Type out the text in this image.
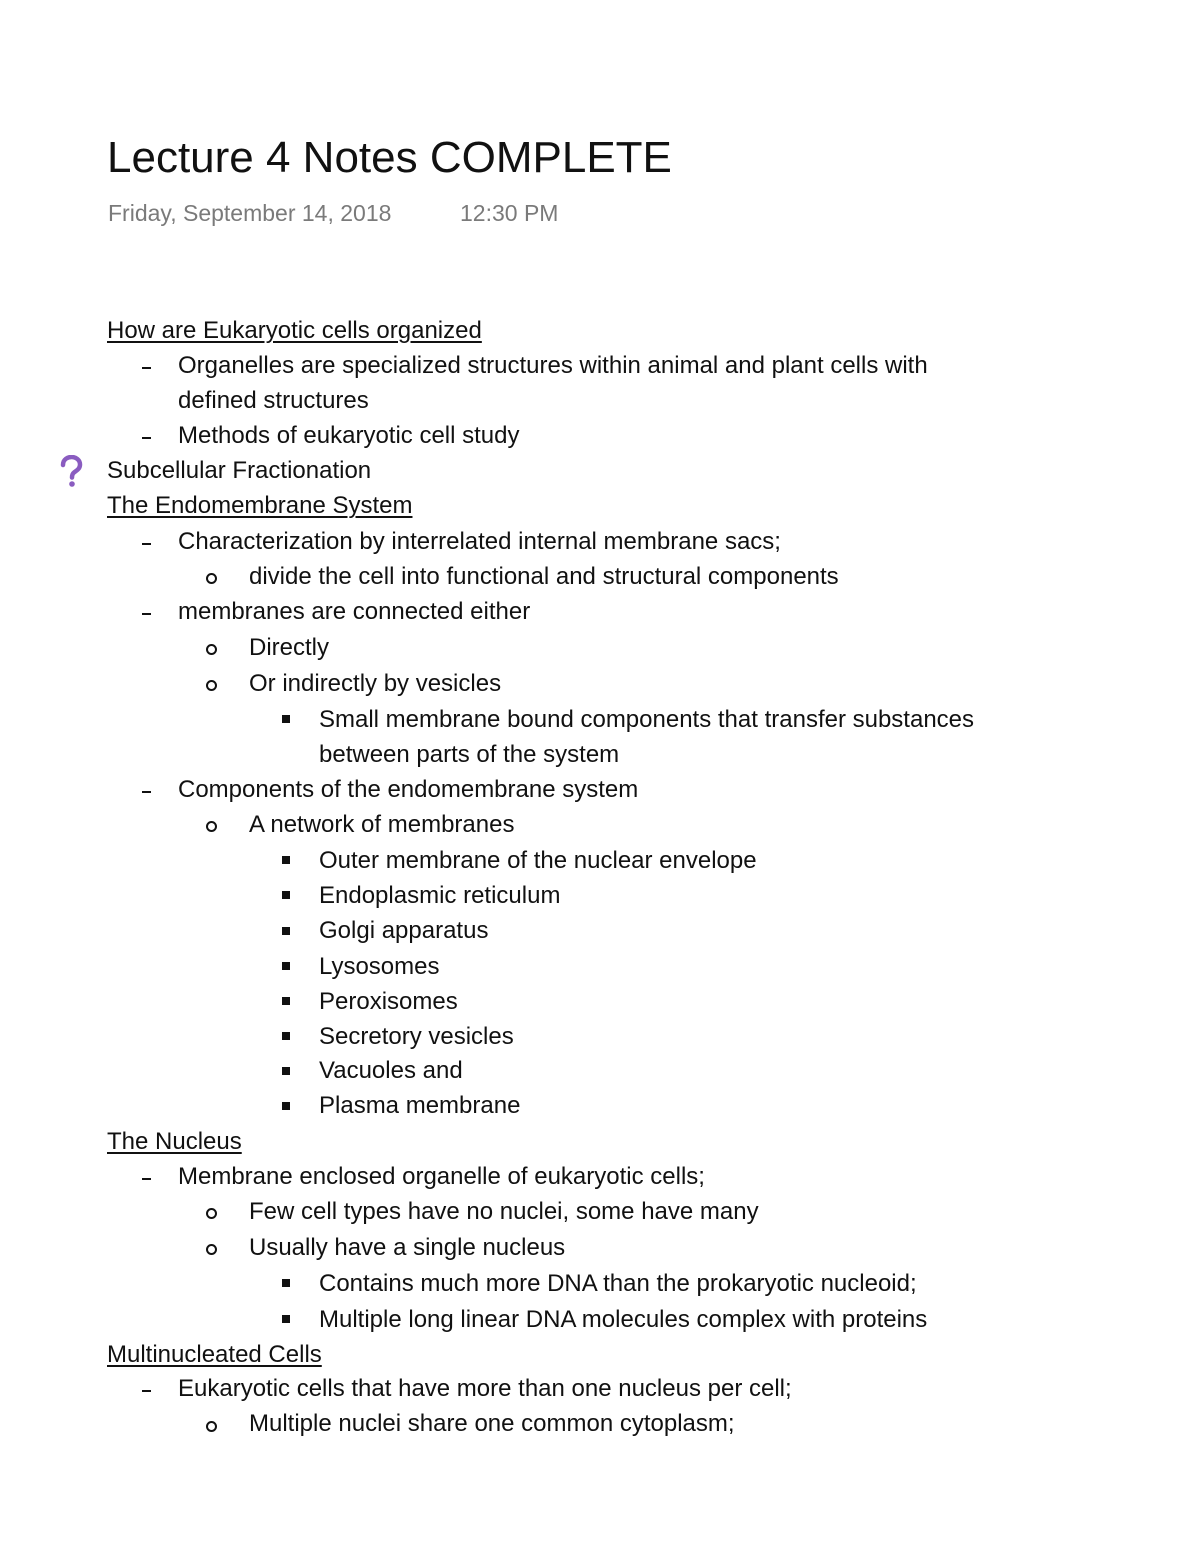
Lecture 4 Notes COMPLETE
Friday, September 14, 2018	12:30 PM
How are Eukaryotic cells organized
Organelles are specialized structures within animal and plant cells with
defined structures
Methods of eukaryotic cell study
Subcellular Fractionation
The Endomembrane System
Characterization by interrelated internal membrane sacs;
divide the cell into functional and structural components
membranes are connected either
Directly
Or indirectly by vesicles
Small membrane bound components that transfer substances
between parts of the system
Components of the endomembrane system
A network of membranes
Outer membrane of the nuclear envelope
Endoplasmic reticulum
Golgi apparatus
Lysosomes
Peroxisomes
Secretory vesicles
Vacuoles and
Plasma membrane
The Nucleus
Membrane enclosed organelle of eukaryotic cells;
Few cell types have no nuclei, some have many
Usually have a single nucleus
Contains much more DNA than the prokaryotic nucleoid;
Multiple long linear DNA molecules complex with proteins
Multinucleated Cells
Eukaryotic cells that have more than one nucleus per cell;
Multiple nuclei share one common cytoplasm;
